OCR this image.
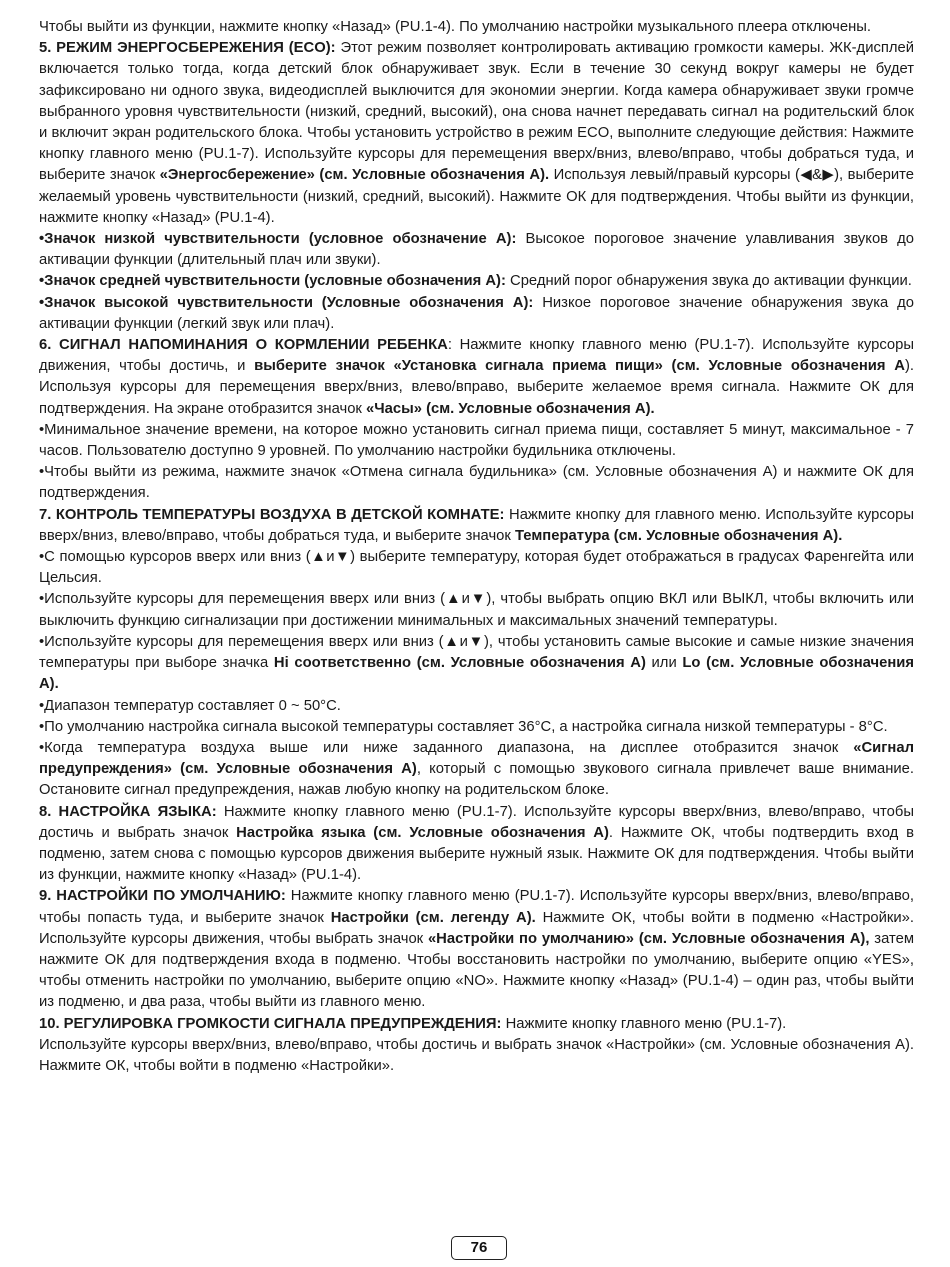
Чтобы выйти из функции, нажмите кнопку «Назад» (PU.1-4). По умолчанию настройки музыкального плеера отключены.

5. РЕЖИМ ЭНЕРГОСБЕРЕЖЕНИЯ (ECO): Этот режим позволяет контролировать активацию громкости камеры. ЖК-дисплей включается только тогда, когда детский блок обнаруживает звук. Если в течение 30 секунд вокруг камеры не будет зафиксировано ни одного звука, видеодисплей выключится для экономии энергии. Когда камера обнаруживает звуки громче выбранного уровня чувствительности (низкий, средний, высокий), она снова начнет передавать сигнал на родительский блок и включит экран родительского блока. Чтобы установить устройство в режим ECO, выполните следующие действия: Нажмите кнопку главного меню (PU.1-7). Используйте курсоры для перемещения вверх/вниз, влево/вправо, чтобы добраться туда, и выберите значок «Энергосбережение» (см. Условные обозначения А). Используя левый/правый курсоры (◀&▶), выберите желаемый уровень чувствительности (низкий, средний, высокий). Нажмите ОК для подтверждения. Чтобы выйти из функции, нажмите кнопку «Назад» (PU.1-4).

•Значок низкой чувствительности (условное обозначение A): Высокое пороговое значение улавливания звуков до активации функции (длительный плач или звуки).

•Значок средней чувствительности (условные обозначения А): Средний порог обнаружения звука до активации функции.

•Значок высокой чувствительности (Условные обозначения А): Низкое пороговое значение обнаружения звука до активации функции (легкий звук или плач).

6. СИГНАЛ НАПОМИНАНИЯ О КОРМЛЕНИИ РЕБЕНКА: Нажмите кнопку главного меню (PU.1-7). Используйте курсоры движения, чтобы достичь, и выберите значок «Установка сигнала приема пищи» (см. Условные обозначения А). Используя курсоры для перемещения вверх/вниз, влево/вправо, выберите желаемое время сигнала. Нажмите ОК для подтверждения. На экране отобразится значок «Часы» (см. Условные обозначения А).

•Минимальное значение времени, на которое можно установить сигнал приема пищи, составляет 5 минут, максимальное - 7 часов. Пользователю доступно 9 уровней. По умолчанию настройки будильника отключены.

•Чтобы выйти из режима, нажмите значок «Отмена сигнала будильника» (см. Условные обозначения А) и нажмите ОК для подтверждения.

7. КОНТРОЛЬ ТЕМПЕРАТУРЫ ВОЗДУХА В ДЕТСКОЙ КОМНАТЕ: Нажмите кнопку для главного меню. Используйте курсоры вверх/вниз, влево/вправо, чтобы добраться туда, и выберите значок Температура (см. Условные обозначения А).

•С помощью курсоров вверх или вниз (▲и▼) выберите температуру, которая будет отображаться в градусах Фаренгейта или Цельсия.

•Используйте курсоры для перемещения вверх или вниз (▲и▼), чтобы выбрать опцию ВКЛ или ВЫКЛ, чтобы включить или выключить функцию сигнализации при достижении минимальных и максимальных значений температуры.

•Используйте курсоры для перемещения вверх или вниз (▲и▼), чтобы установить самые высокие и самые низкие значения температуры при выборе значка Hi соответственно (см. Условные обозначения А) или Lo (см. Условные обозначения А).

•Диапазон температур составляет 0 ~ 50°C.

•По умолчанию настройка сигнала высокой температуры составляет 36°C, а настройка сигнала низкой температуры - 8°C.

•Когда температура воздуха выше или ниже заданного диапазона, на дисплее отобразится значок «Сигнал предупреждения» (см. Условные обозначения А), который с помощью звукового сигнала привлечет ваше внимание. Остановите сигнал предупреждения, нажав любую кнопку на родительском блоке.

8. НАСТРОЙКА ЯЗЫКА: Нажмите кнопку главного меню (PU.1-7). Используйте курсоры вверх/вниз, влево/вправо, чтобы достичь и выбрать значок Настройка языка (см. Условные обозначения А). Нажмите ОК, чтобы подтвердить вход в подменю, затем снова с помощью курсоров движения выберите нужный язык. Нажмите ОК для подтверждения. Чтобы выйти из функции, нажмите кнопку «Назад» (PU.1-4).

9. НАСТРОЙКИ ПО УМОЛЧАНИЮ: Нажмите кнопку главного меню (PU.1-7). Используйте курсоры вверх/вниз, влево/вправо, чтобы попасть туда, и выберите значок Настройки (см. легенду A). Нажмите ОК, чтобы войти в подменю «Настройки». Используйте курсоры движения, чтобы выбрать значок «Настройки по умолчанию» (см. Условные обозначения А), затем нажмите ОК для подтверждения входа в подменю. Чтобы восстановить настройки по умолчанию, выберите опцию «YES», чтобы отменить настройки по умолчанию, выберите опцию «NO». Нажмите кнопку «Назад» (PU.1-4) – один раз, чтобы выйти из подменю, и два раза, чтобы выйти из главного меню.

10. РЕГУЛИРОВКА ГРОМКОСТИ СИГНАЛА ПРЕДУПРЕЖДЕНИЯ: Нажмите кнопку главного меню (PU.1-7).

Используйте курсоры вверх/вниз, влево/вправо, чтобы достичь и выбрать значок «Настройки» (см. Условные обозначения А). Нажмите ОК, чтобы войти в подменю «Настройки».

76
